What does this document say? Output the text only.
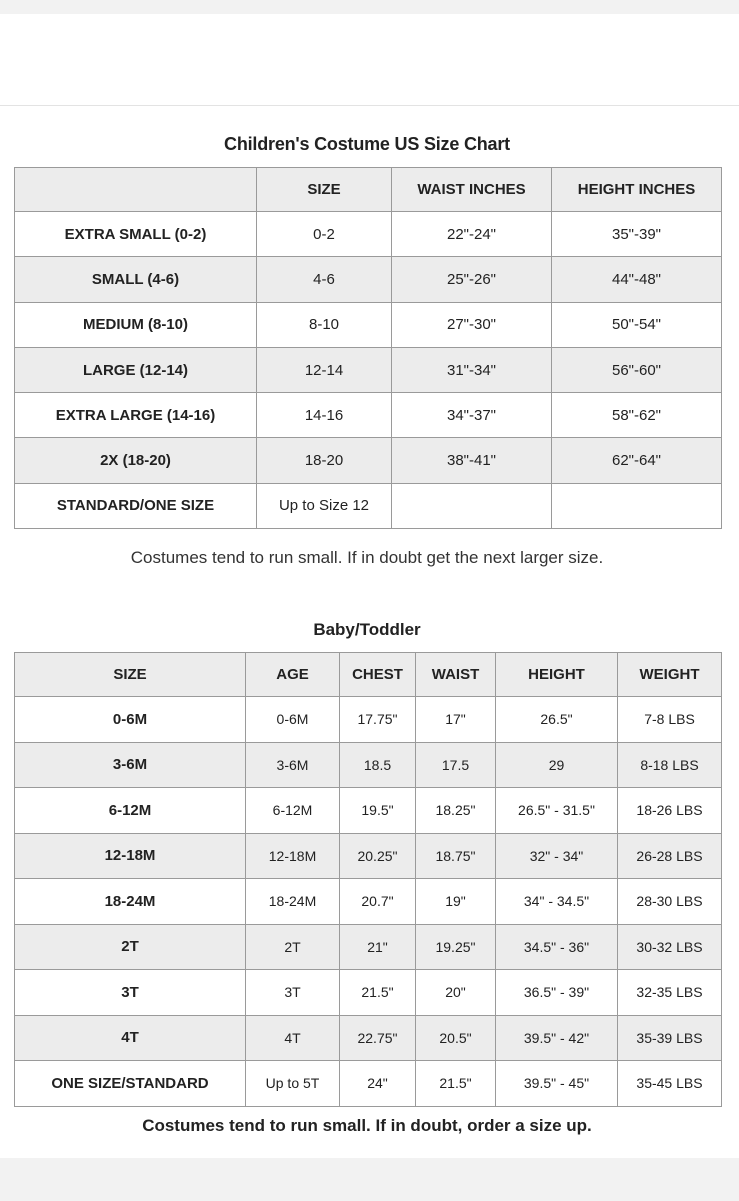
Children's Costume US Size Chart
	SIZE	WAIST INCHES	HEIGHT INCHES
EXTRA SMALL (0-2)	0-2	22"-24"	35"-39"
SMALL (4-6)	4-6	25"-26"	44"-48"
MEDIUM (8-10)	8-10	27"-30"	50"-54"
LARGE (12-14)	12-14	31"-34"	56"-60"
EXTRA LARGE (14-16)	14-16	34"-37"	58"-62"
2X (18-20)	18-20	38"-41"	62"-64"
STANDARD/ONE SIZE	Up to Size 12		
Costumes tend to run small. If in doubt get the next larger size.
Baby/Toddler
SIZE	AGE	CHEST	WAIST	HEIGHT	WEIGHT
0-6M	0-6M	17.75"	17"	26.5"	7-8 LBS
3-6M	3-6M	18.5	17.5	29	8-18 LBS
6-12M	6-12M	19.5"	18.25"	26.5" - 31.5"	18-26 LBS
12-18M	12-18M	20.25"	18.75"	32" - 34"	26-28 LBS
18-24M	18-24M	20.7"	19"	34" - 34.5"	28-30 LBS
2T	2T	21"	19.25"	34.5" - 36"	30-32 LBS
3T	3T	21.5"	20"	36.5" - 39"	32-35 LBS
4T	4T	22.75"	20.5"	39.5" - 42"	35-39 LBS
ONE SIZE/STANDARD	Up to 5T	24"	21.5"	39.5" - 45"	35-45 LBS
Costumes tend to run small. If in doubt, order a size up.
